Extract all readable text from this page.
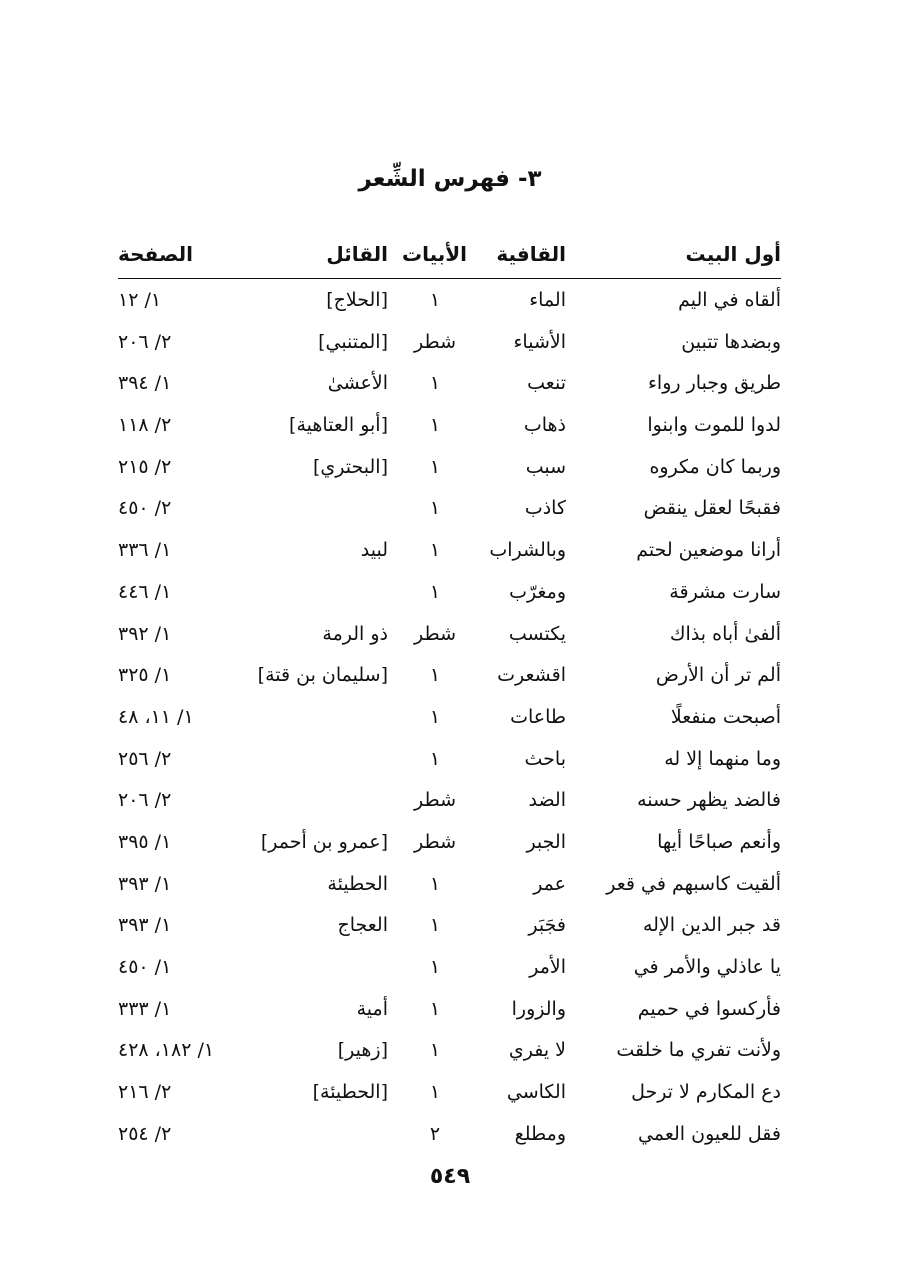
٣- فهرس الشِّعر
أول البيت
القافية
الأبيات
القائل
الصفحة
ألقاه في اليم
الماء
١
[الحلاج]
١/ ١٢
وبضدها تتبين
الأشياء
شطر
[المتنبي]
٢/ ٢٠٦
طريق وجبار رواء
تنعب
١
الأعشىٰ
١/ ٣٩٤
لدوا للموت وابنوا
ذهاب
١
[أبو العتاهية]
٢/ ١١٨
وربما كان مكروه
سبب
١
[البحتري]
٢/ ٢١٥
فقبحًا لعقل ينقض
كاذب
١
٢/ ٤٥٠
أرانا موضعين لحتم
وبالشراب
١
لبيد
١/ ٣٣٦
سارت مشرقة
ومغرّب
١
١/ ٤٤٦
ألفىٰ أباه بذاك
يكتسب
شطر
ذو الرمة
١/ ٣٩٢
ألم تر أن الأرض
اقشعرت
١
[سليمان بن قتة]
١/ ٣٢٥
أصبحت منفعلًا
طاعات
١
١/ ١١، ٤٨
وما منهما إلا له
باحث
١
٢/ ٢٥٦
فالضد يظهر حسنه
الضد
شطر
٢/ ٢٠٦
وأنعم صباحًا أيها
الجبر
شطر
[عمرو بن أحمر]
١/ ٣٩٥
ألقيت كاسبهم في قعر
عمر
١
الحطيئة
١/ ٣٩٣
قد جبر الدين الإله
فجَبَر
١
العجاج
١/ ٣٩٣
يا عاذلي والأمر في
الأمر
١
١/ ٤٥٠
فأركسوا في حميم
والزورا
١
أمية
١/ ٣٣٣
ولأنت تفري ما خلقت
لا يفري
١
[زهير]
١/ ١٨٢، ٤٢٨
دع المكارم لا ترحل
الكاسي
١
[الحطيئة]
٢/ ٢١٦
فقل للعيون العمي
ومطلع
٢
٢/ ٢٥٤
٥٤٩
